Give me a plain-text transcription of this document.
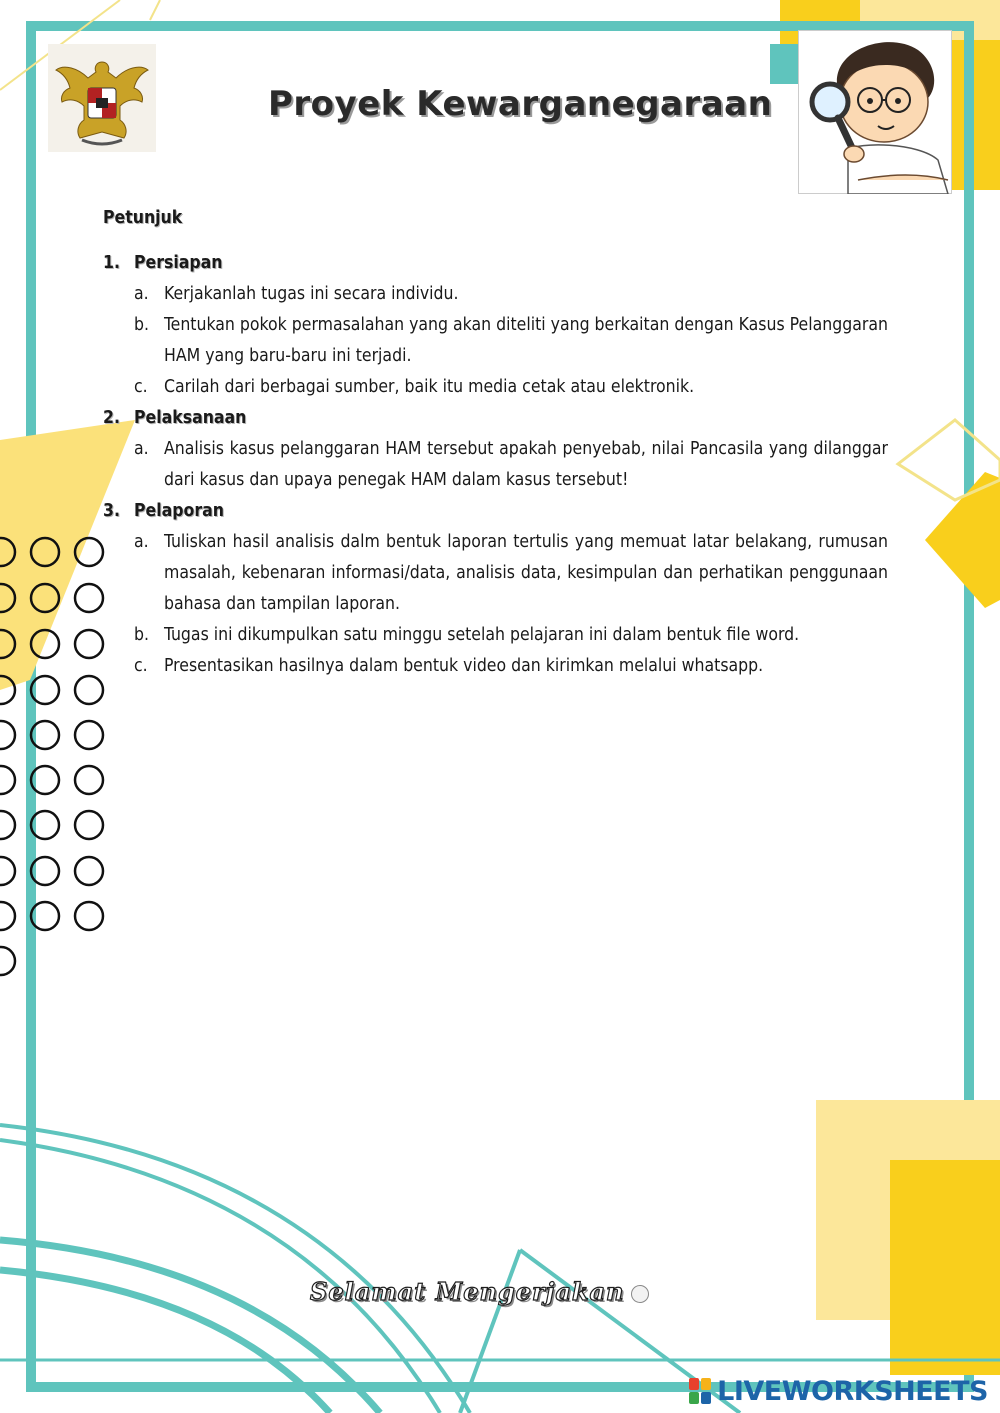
Proyek Kewarganegaraan
Petunjuk
1. Persiapan
a. Kerjakanlah tugas ini secara individu.
b. Tentukan pokok permasalahan yang akan diteliti yang berkaitan dengan Kasus Pelanggaran HAM yang baru-baru ini terjadi.
c. Carilah dari berbagai sumber, baik itu media cetak atau elektronik.
2. Pelaksanaan
a. Analisis kasus pelanggaran HAM tersebut apakah penyebab, nilai Pancasila yang dilanggar dari kasus dan upaya penegak HAM dalam kasus tersebut!
3. Pelaporan
a. Tuliskan hasil analisis dalm bentuk laporan tertulis yang memuat latar belakang, rumusan masalah, kebenaran informasi/data, analisis data, kesimpulan dan perhatikan penggunaan bahasa dan tampilan laporan.
b. Tugas ini dikumpulkan satu minggu setelah pelajaran ini dalam bentuk file word.
c. Presentasikan hasilnya dalam bentuk video dan kirimkan melalui whatsapp.
Selamat Mengerjakan
LIVEWORKSHEETS
